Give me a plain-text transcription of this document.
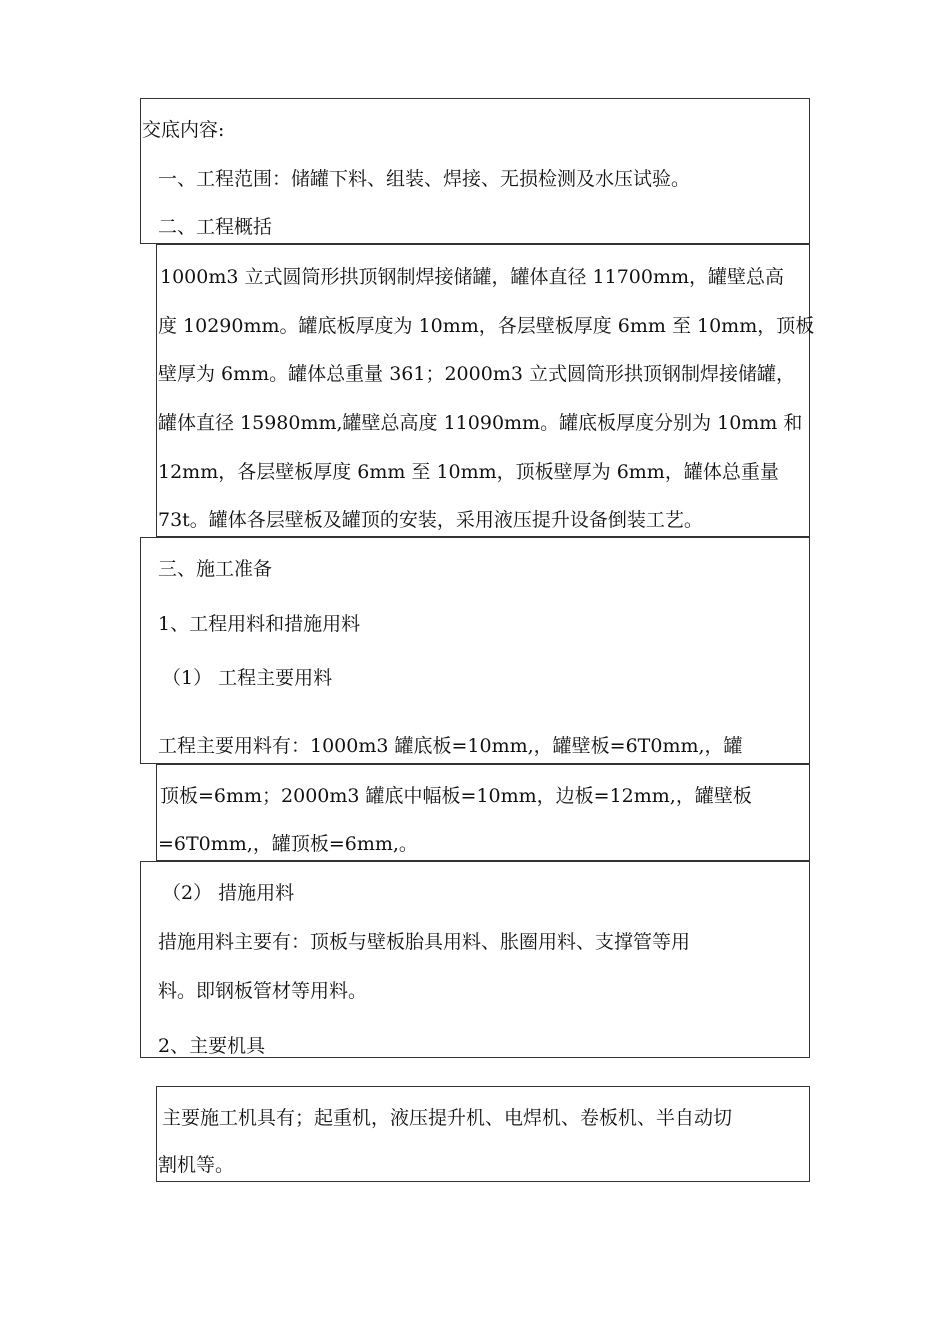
交底内容:
一、工程范围：储罐下料、组装、焊接、无损检测及水压试验。
二、工程概括
1000m3 立式圆筒形拱顶钢制焊接储罐，罐体直径 11700mm，罐壁总高
度 10290mm。罐底板厚度为 10mm，各层壁板厚度 6mm 至 10mm，顶板
壁厚为 6mm。罐体总重量 361；2000m3 立式圆筒形拱顶钢制焊接储罐，
罐体直径 15980mm,罐壁总高度 11090mm。罐底板厚度分别为 10mm 和
12mm，各层壁板厚度 6mm 至 10mm，顶板壁厚为 6mm，罐体总重量
73t。罐体各层壁板及罐顶的安装，采用液压提升设备倒装工艺。
三、施工准备
1、工程用料和措施用料
（1） 工程主要用料
工程主要用料有：1000m3 罐底板=10mm,，罐壁板=6T0mm,，罐
顶板=6mm；2000m3 罐底中幅板=10mm，边板=12mm,，罐壁板
=6T0mm,，罐顶板=6mm,。
（2） 措施用料
措施用料主要有：顶板与壁板胎具用料、胀圈用料、支撑管等用
料。即钢板管材等用料。
2、主要机具
主要施工机具有；起重机，液压提升机、电焊机、卷板机、半自动切
割机等。
